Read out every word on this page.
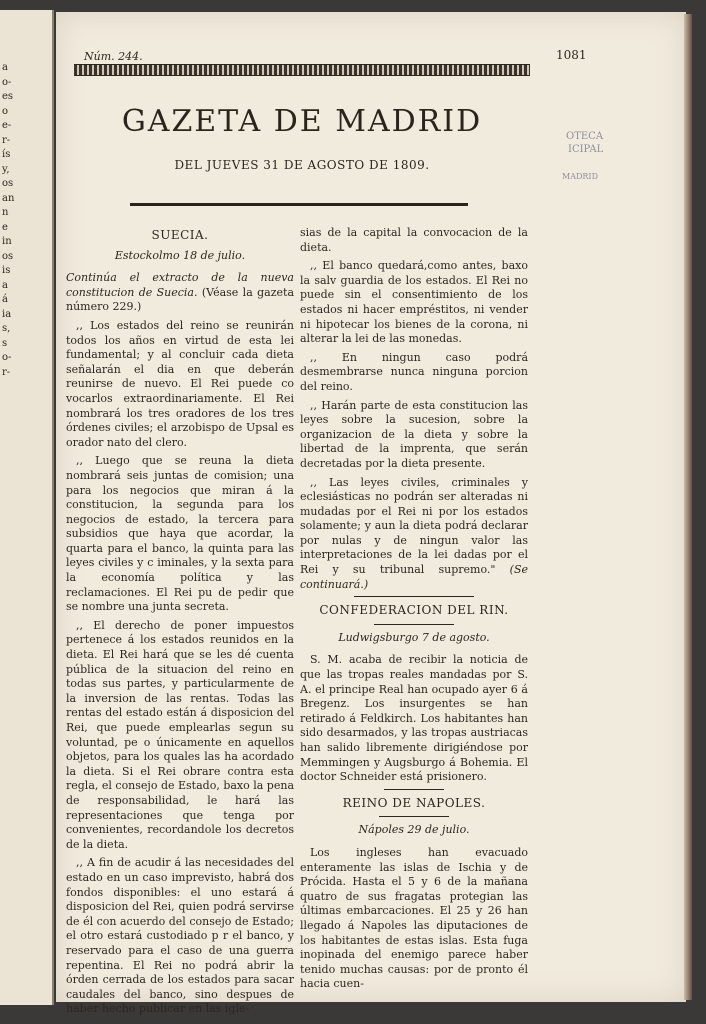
a
o-
es
o
e-
r-
ís
y,
os
an
n
e
in
os
is
a
á
ia
s,
s
o-
r-
Núm. 244.	1081
GAZETA DE MADRID
DEL JUEVES 31 DE AGOSTO DE 1809.
OTECA
ICIPAL
MADRID
SUECIA.
Estockolmo 18 de julio.

Continúa el extracto de la nueva constitucion de Suecia. (Véase la gazeta número 229.)

,, Los estados del reino se reunirán todos los años en virtud de esta lei fundamental; y al concluir cada dieta señalarán el dia en que deberán reunirse de nuevo. El Rei puede co vocarlos extraordinariamente. El Rei nombrará los tres oradores de los tres órdenes civiles; el arzobispo de Upsal es orador nato del clero.

,, Luego que se reuna la dieta nombrará seis juntas de comision; una para los negocios que miran á la constitucion, la segunda para los negocios de estado, la tercera para subsidios que haya que acordar, la quarta para el banco, la quinta para las leyes civiles y c iminales, y la sexta para la economía política y las reclamaciones. El Rei pu de pedir que se nombre una junta secreta.

,, El derecho de poner impuestos pertenece á los estados reunidos en la dieta. El Rei hará que se les dé cuenta pública de la situacion del reino en todas sus partes, y particularmente de la inversion de las rentas. Todas las rentas del estado están á disposicion del Rei, que puede emplearlas segun su voluntad, pe o únicamente en aquellos objetos, para los quales las ha acordado la dieta. Si el Rei obrare contra esta regla, el consejo de Estado, baxo la pena de responsabilidad, le hará las representaciones que tenga por convenientes, recordandole los decretos de la dieta.

,, A fin de acudir á las necesidades del estado en un caso imprevisto, habrá dos fondos disponibles: el uno estará á disposicion del Rei, quien podrá servirse de él con acuerdo del consejo de Estado; el otro estará custodiado p r el banco, y reservado para el caso de una guerra repentina. El Rei no podrá abrir la órden cerrada de los estados para sacar caudales del banco, sino despues de haber hecho publicar en las igle-

sias de la capital la convocacion de la dieta.

,, El banco quedará,como antes, baxo la salv guardia de los estados. El Rei no puede sin el consentimiento de los estados ni hacer empréstitos, ni vender ni hipotecar los bienes de la corona, ni alterar la lei de las monedas.

,, En ningun caso podrá desmembrarse nunca ninguna porcion del reino.

,, Harán parte de esta constitucion las leyes sobre la sucesion, sobre la organizacion de la dieta y sobre la libertad de la imprenta, que serán decretadas por la dieta presente.

,, Las leyes civiles, criminales y eclesiásticas no podrán ser alteradas ni mudadas por el Rei ni por los estados solamente; y aun la dieta podrá declarar por nulas y de ningun valor las interpretaciones de la lei dadas por el Rei y su tribunal supremo." (Se continuará.)

CONFEDERACION DEL RIN.
Ludwigsburgo 7 de agosto.

S. M. acaba de recibir la noticia de que las tropas reales mandadas por S. A. el principe Real han ocupado ayer 6 á Bregenz. Los insurgentes se han retirado á Feldkirch. Los habitantes han sido desarmados, y las tropas austriacas han salido libremente dirigiéndose por Memmingen y Augsburgo á Bohemia. El doctor Schneider está prisionero.

REINO DE NAPOLES.
Nápoles 29 de julio.

Los ingleses han evacuado enteramente las islas de Ischia y de Prócida. Hasta el 5 y 6 de la mañana quatro de sus fragatas protegian las últimas embarcaciones. El 25 y 26 han llegado á Napoles las diputaciones de los habitantes de estas islas. Esta fuga inopinada del enemigo parece haber tenido muchas causas: por de pronto él hacia cuen-
